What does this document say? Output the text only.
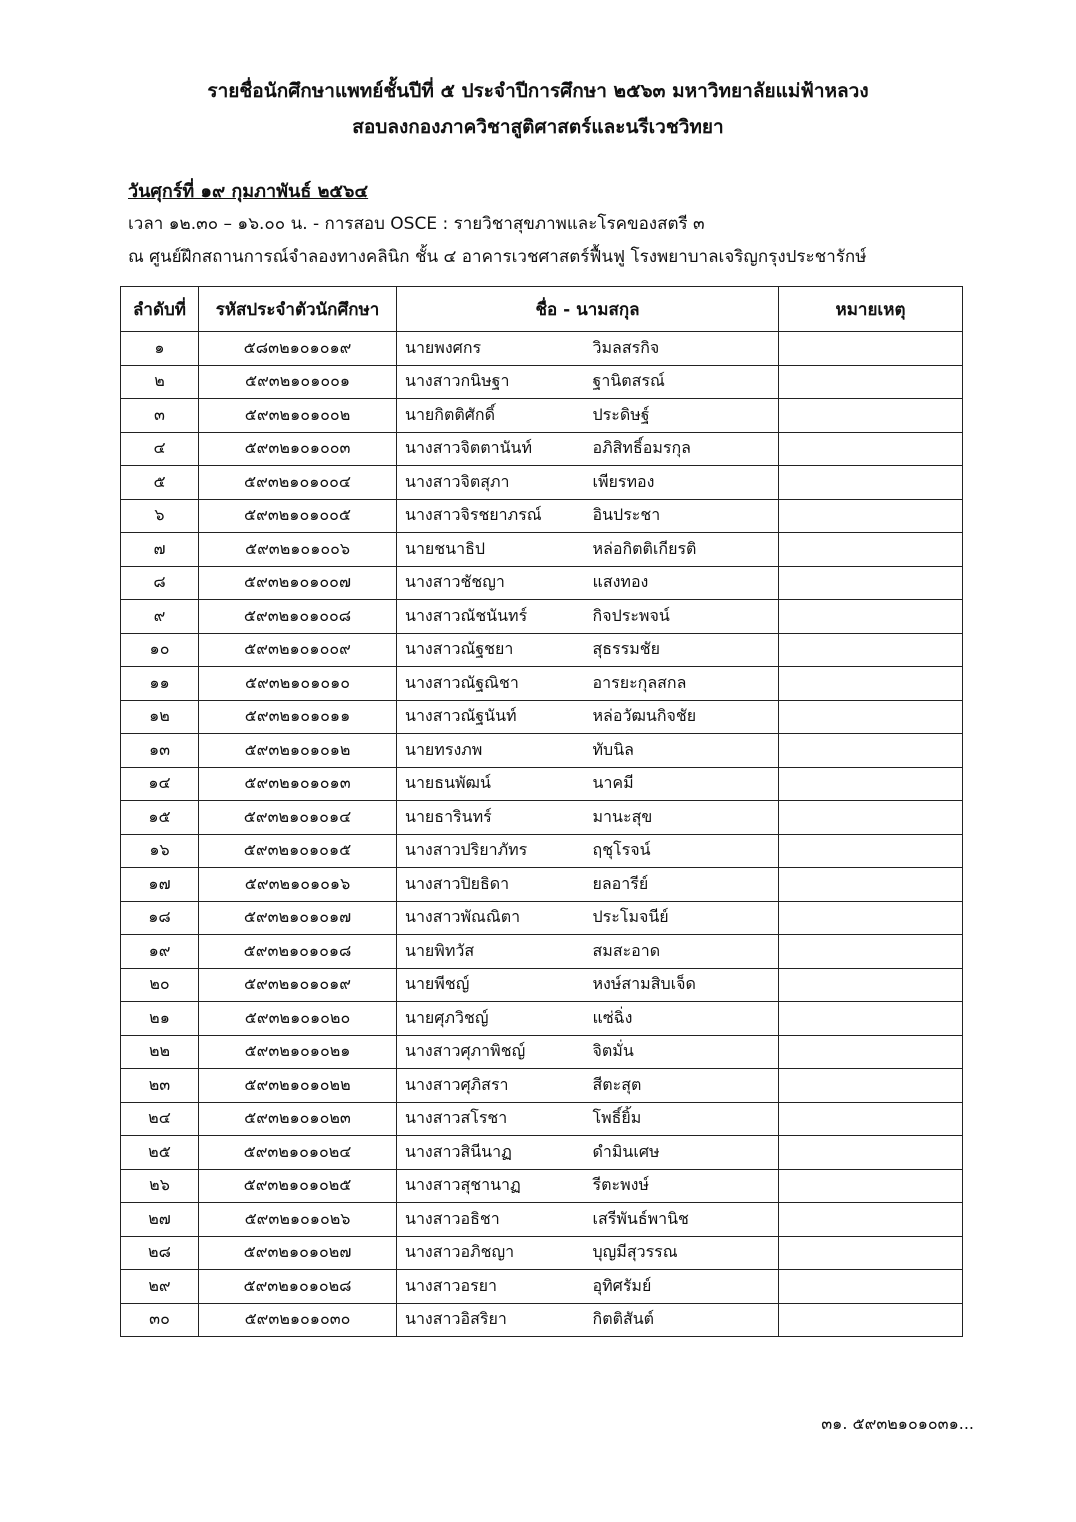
รายชื่อนักศึกษาแพทย์ชั้นปีที่ ๕ ประจำปีการศึกษา ๒๕๖๓ มหาวิทยาลัยแม่ฟ้าหลวง
สอบลงกองภาควิชาสูติศาสตร์และนรีเวชวิทยา
วันศุกร์ที่ ๑๙ กุมภาพันธ์ ๒๕๖๔
เวลา ๑๒.๓๐ – ๑๖.๐๐ น. - การสอบ OSCE : รายวิชาสุขภาพและโรคของสตรี ๓
ณ ศูนย์ฝึกสถานการณ์จำลองทางคลินิก ชั้น ๔ อาคารเวชศาสตร์ฟื้นฟู โรงพยาบาลเจริญกรุงประชารักษ์
ลำดับที่	รหัสประจำตัวนักศึกษา	ชื่อ - นามสกุล		หมายเหตุ
๑	๕๘๓๒๑๐๑๐๑๙	นายพงศกร	วิมลสรกิจ	
๒	๕๙๓๒๑๐๑๐๐๑	นางสาวกนิษฐา	ฐานิตสรณ์	
๓	๕๙๓๒๑๐๑๐๐๒	นายกิตติศักดิ์	ประดิษฐ์	
๔	๕๙๓๒๑๐๑๐๐๓	นางสาวจิตตานันท์	อภิสิทธิ์อมรกุล	
๕	๕๙๓๒๑๐๑๐๐๔	นางสาวจิตสุภา	เพียรทอง	
๖	๕๙๓๒๑๐๑๐๐๕	นางสาวจิรชยาภรณ์	อินประชา	
๗	๕๙๓๒๑๐๑๐๐๖	นายชนาธิป	หล่อกิตติเกียรติ	
๘	๕๙๓๒๑๐๑๐๐๗	นางสาวชัชญา	แสงทอง	
๙	๕๙๓๒๑๐๑๐๐๘	นางสาวณัชนันทร์	กิจประพจน์	
๑๐	๕๙๓๒๑๐๑๐๐๙	นางสาวณัฐชยา	สุธรรมชัย	
๑๑	๕๙๓๒๑๐๑๐๑๐	นางสาวณัฐณิชา	อารยะกุลสกล	
๑๒	๕๙๓๒๑๐๑๐๑๑	นางสาวณัฐนันท์	หล่อวัฒนกิจชัย	
๑๓	๕๙๓๒๑๐๑๐๑๒	นายทรงภพ	ทับนิล	
๑๔	๕๙๓๒๑๐๑๐๑๓	นายธนพัฒน์	นาคมี	
๑๕	๕๙๓๒๑๐๑๐๑๔	นายธารินทร์	มานะสุข	
๑๖	๕๙๓๒๑๐๑๐๑๕	นางสาวปริยาภัทร	ฤชุโรจน์	
๑๗	๕๙๓๒๑๐๑๐๑๖	นางสาวปิยธิดา	ยลอารีย์	
๑๘	๕๙๓๒๑๐๑๐๑๗	นางสาวพัณณิตา	ประโมจนีย์	
๑๙	๕๙๓๒๑๐๑๐๑๘	นายพิทวัส	สมสะอาด	
๒๐	๕๙๓๒๑๐๑๐๑๙	นายพีชญ์	หงษ์สามสิบเจ็ด	
๒๑	๕๙๓๒๑๐๑๐๒๐	นายศุภวิชญ์	แซ่ฉิ่ง	
๒๒	๕๙๓๒๑๐๑๐๒๑	นางสาวศุภาพิชญ์	จิตมั่น	
๒๓	๕๙๓๒๑๐๑๐๒๒	นางสาวศุภิสรา	สีตะสุต	
๒๔	๕๙๓๒๑๐๑๐๒๓	นางสาวสโรชา	โพธิ์ยิ้ม	
๒๕	๕๙๓๒๑๐๑๐๒๔	นางสาวสินีนาฏ	ดำมินเศษ	
๒๖	๕๙๓๒๑๐๑๐๒๕	นางสาวสุชานาฏ	รีตะพงษ์	
๒๗	๕๙๓๒๑๐๑๐๒๖	นางสาวอธิชา	เสรีพันธ์พานิช	
๒๘	๕๙๓๒๑๐๑๐๒๗	นางสาวอภิชญา	บุญมีสุวรรณ	
๒๙	๕๙๓๒๑๐๑๐๒๘	นางสาวอรยา	อุทิศรัมย์	
๓๐	๕๙๓๒๑๐๑๐๓๐	นางสาวอิสริยา	กิตติสันต์	
๓๑. ๕๙๓๒๑๐๑๐๓๑...
